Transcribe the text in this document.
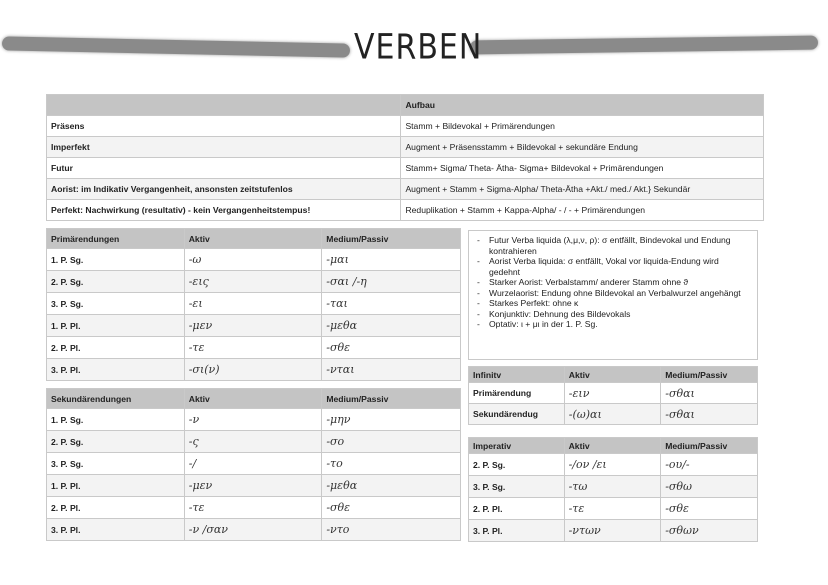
VERBEN
	Aufbau
Präsens	Stamm + Bildevokal + Primärendungen
Imperfekt	Augment + Präsensstamm + Bildevokal + sekundäre Endung
Futur	Stamm+ Sigma/ Theta- Ätha- Sigma+ Bildevokal + Primärendungen
Aorist: im Indikativ Vergangenheit, ansonsten zeitstufenlos	Augment + Stamm + Sigma-Alpha/ Theta-Ätha +Akt./ med./ Akt.} Sekundär
Perfekt: Nachwirkung (resultativ) - kein Vergangenheitstempus!	Reduplikation + Stamm + Kappa-Alpha/ - / - + Primärendungen
Primärendungen	Aktiv	Medium/Passiv
1. P. Sg.	-ω	-μαι
2. P. Sg.	-εις	-σαι /-η
3. P. Sg.	-ει	-ται
1. P. Pl.	-μεν	-μεθα
2. P. Pl.	-τε	-σθε
3. P. Pl.	-σι(ν)	-νται
Sekundärendungen	Aktiv	Medium/Passiv
1. P. Sg.	-ν	-μην
2. P. Sg.	-ς	-σο
3. P. Sg.	-/	-το
1. P. Pl.	-μεν	-μεθα
2. P. Pl.	-τε	-σθε
3. P. Pl.	-ν /σαν	-ντο
- Futur Verba liquida (λ,μ,ν, ρ): σ entfällt, Bindevokal und Endung kontrahieren
- Aorist Verba liquida: σ entfällt, Vokal vor liquida-Endung wird gedehnt
- Starker Aorist: Verbalstamm/ anderer Stamm ohne ϑ
- Wurzelaorist: Endung ohne Bildevokal an Verbalwurzel angehängt
- Starkes Perfekt: ohne κ
- Konjunktiv: Dehnung des Bildevokals
- Optativ: ι + μι in der 1. P. Sg.
Infinitv	Aktiv	Medium/Passiv
Primärendung	-ειν	-σθαι
Sekundärendug	-(ω)αι	-σθαι
Imperativ	Aktiv	Medium/Passiv
2. P. Sg.	-/ον /ει	-ου/-
3. P. Sg.	-τω	-σθω
2. P. Pl.	-τε	-σθε
3. P. Pl.	-ντων	-σθων
